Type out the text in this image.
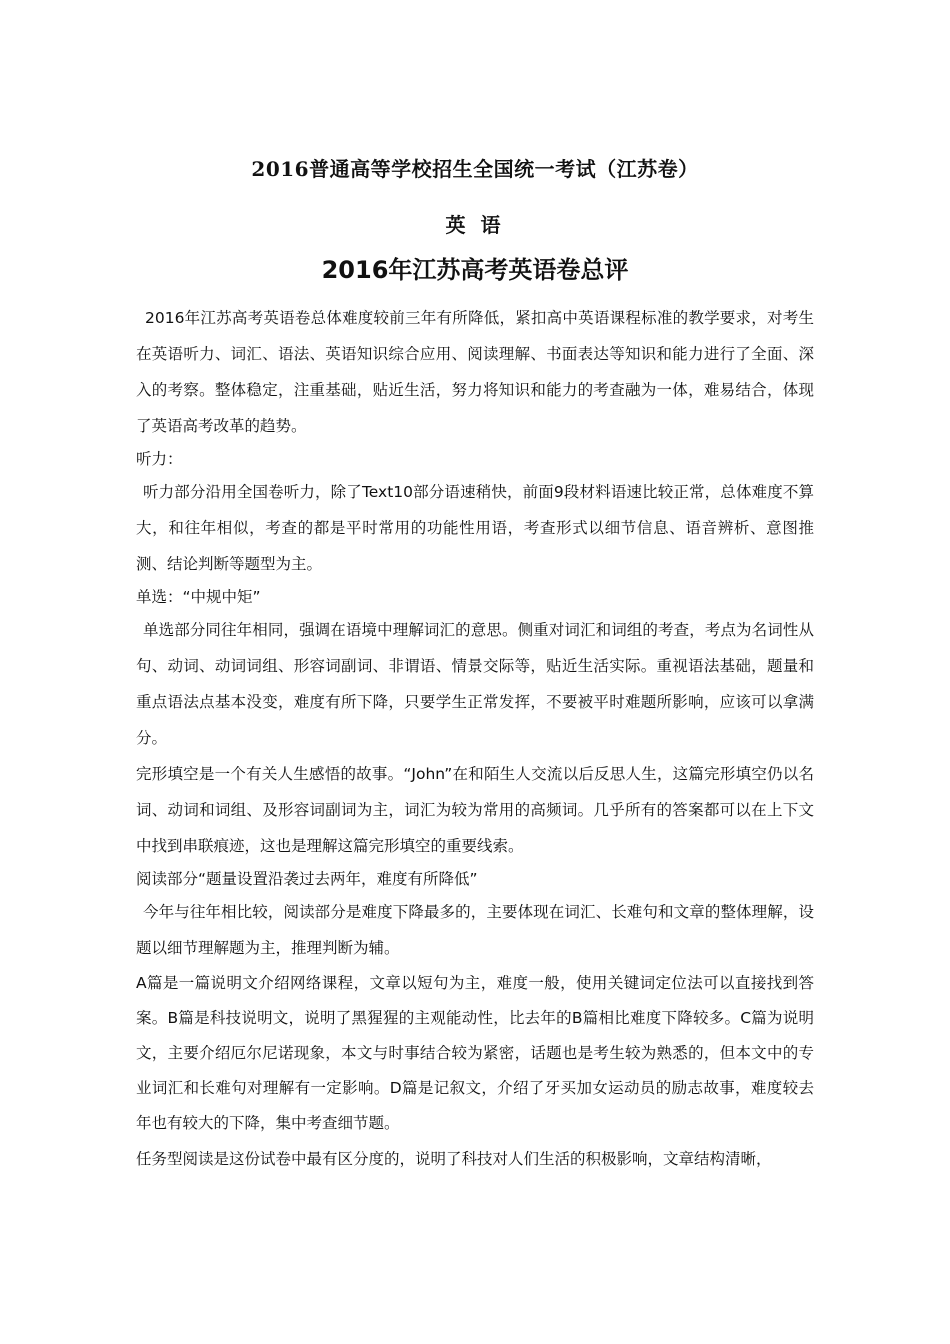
2016普通高等学校招生全国统一考试（江苏卷）
英 语
2016年江苏高考英语卷总评

2016年江苏高考英语卷总体难度较前三年有所降低，紧扣高中英语课程标准的教学要求，对考生在英语听力、词汇、语法、英语知识综合应用、阅读理解、书面表达等知识和能力进行了全面、深入的考察。整体稳定，注重基础，贴近生活，努力将知识和能力的考查融为一体，难易结合，体现了英语高考改革的趋势。

听力：

听力部分沿用全国卷听力，除了Text10部分语速稍快，前面9段材料语速比较正常，总体难度不算大，和往年相似，考查的都是平时常用的功能性用语，考查形式以细节信息、语音辨析、意图推测、结论判断等题型为主。

单选：“中规中矩”

单选部分同往年相同，强调在语境中理解词汇的意思。侧重对词汇和词组的考查，考点为名词性从句、动词、动词词组、形容词副词、非谓语、情景交际等，贴近生活实际。重视语法基础，题量和重点语法点基本没变，难度有所下降，只要学生正常发挥，不要被平时难题所影响，应该可以拿满分。

完形填空是一个有关人生感悟的故事。“John”在和陌生人交流以后反思人生，这篇完形填空仍以名词、动词和词组、及形容词副词为主，词汇为较为常用的高频词。几乎所有的答案都可以在上下文中找到串联痕迹，这也是理解这篇完形填空的重要线索。

阅读部分“题量设置沿袭过去两年，难度有所降低”

今年与往年相比较，阅读部分是难度下降最多的，主要体现在词汇、长难句和文章的整体理解，设题以细节理解题为主，推理判断为辅。

A篇是一篇说明文介绍网络课程，文章以短句为主，难度一般，使用关键词定位法可以直接找到答案。B篇是科技说明文，说明了黑猩猩的主观能动性，比去年的B篇相比难度下降较多。C篇为说明文，主要介绍厄尔尼诺现象，本文与时事结合较为紧密，话题也是考生较为熟悉的，但本文中的专业词汇和长难句对理解有一定影响。D篇是记叙文，介绍了牙买加女运动员的励志故事，难度较去年也有较大的下降，集中考查细节题。

任务型阅读是这份试卷中最有区分度的，说明了科技对人们生活的积极影响，文章结构清晰，
